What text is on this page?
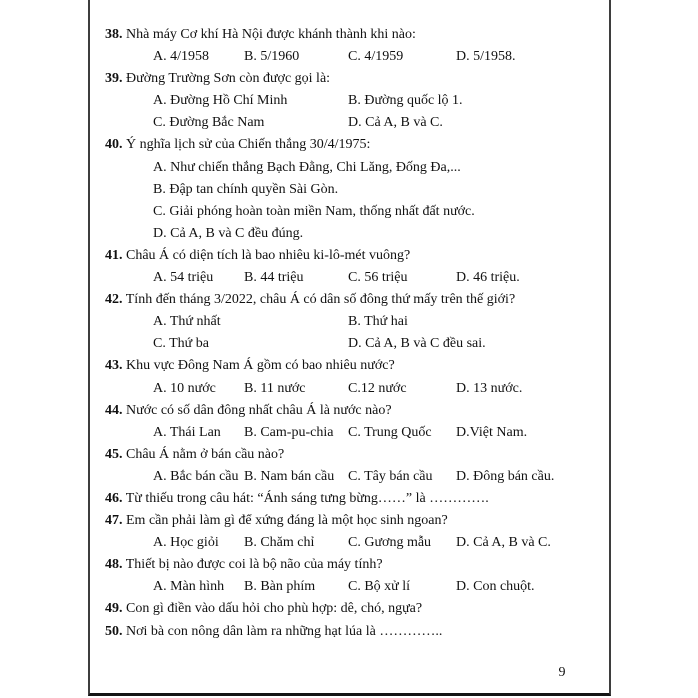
38. Nhà máy Cơ khí Hà Nội được khánh thành khi nào:
A. 4/1958	B. 5/1960	C. 4/1959	D. 5/1958.
39. Đường Trường Sơn còn được gọi là:
A. Đường Hồ Chí Minh	B. Đường quốc lộ 1.
C. Đường Bắc Nam	D. Cả A, B và C.
40. Ý nghĩa lịch sử của Chiến thắng 30/4/1975:
A. Như chiến thắng Bạch Đằng, Chi Lăng, Đống Đa,...
B. Đập tan chính quyền Sài Gòn.
C. Giải phóng hoàn toàn miền Nam, thống nhất đất nước.
D. Cả A, B và C đều đúng.
41. Châu Á có diện tích là bao nhiêu ki-lô-mét vuông?
A. 54 triệu B. 44 triệu	C. 56 triệu	D. 46 triệu.
42. Tính đến tháng 3/2022, châu Á có dân số đông thứ mấy trên thế giới?
A. Thứ nhất	B. Thứ hai
C. Thứ ba	D. Cả A, B và C đều sai.
43. Khu vực Đông Nam Á gồm có bao nhiêu nước?
A. 10 nước B. 11 nước	C.12 nước	D. 13 nước.
44. Nước có số dân đông nhất châu Á là nước nào?
A. Thái Lan B. Cam-pu-chia C. Trung Quốc D.Việt Nam.
45. Châu Á nằm ở bán cầu nào?
A. Bắc bán cầu B. Nam bán cầu C. Tây bán cầu D. Đông bán cầu.
46. Từ thiếu trong câu hát: “Ánh sáng tưng bừng……” là ………….
47. Em cần phải làm gì để xứng đáng là một học sinh ngoan?
A. Học giỏi B. Chăm chỉ C. Gương mẫu D. Cả A, B và C.
48. Thiết bị nào được coi là bộ não của máy tính?
A. Màn hình B. Bàn phím C. Bộ xử lí	D. Con chuột.
49. Con gì điền vào dấu hỏi cho phù hợp: dê, chó, ngựa?
50. Nơi bà con nông dân làm ra những hạt lúa là …………..
9
